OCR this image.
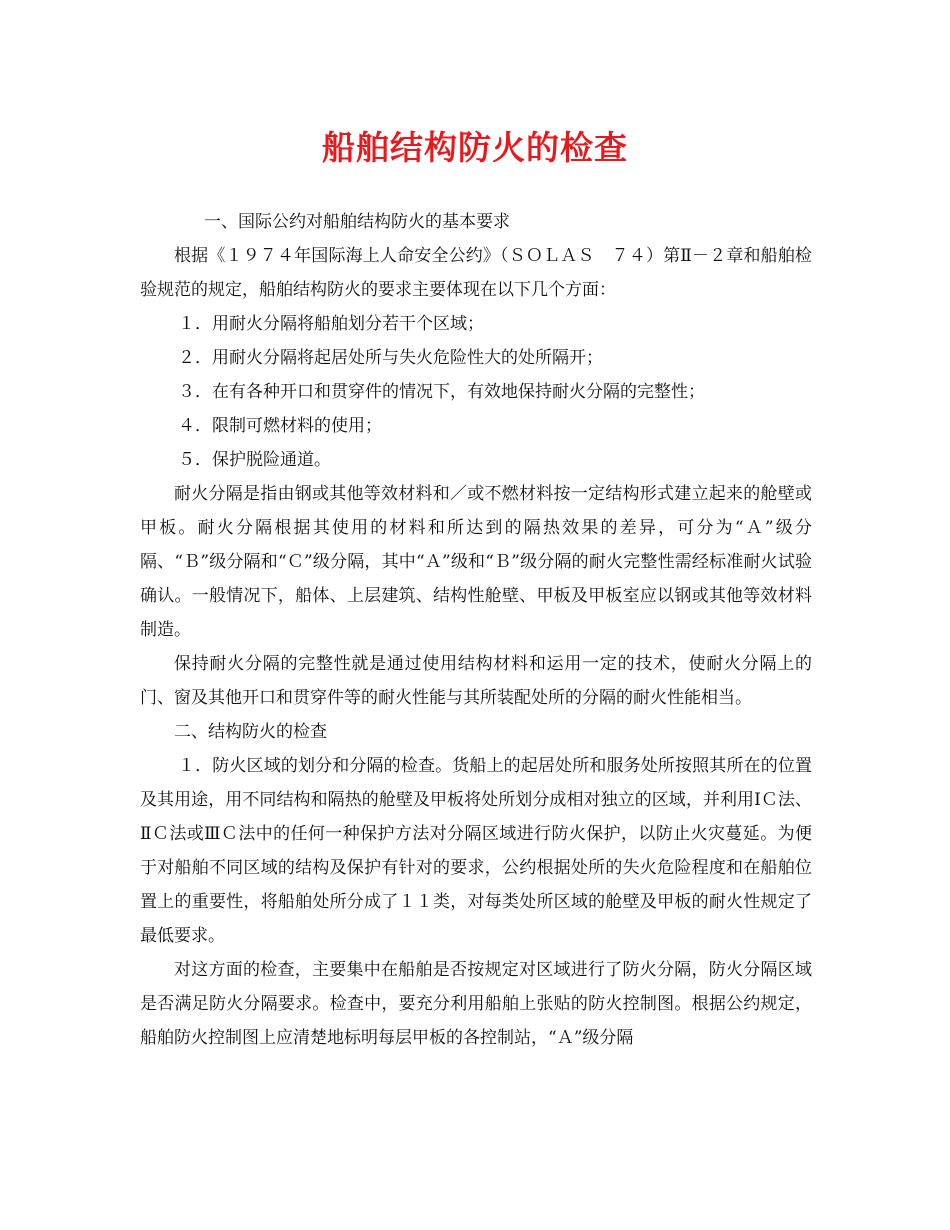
船舶结构防火的检查

一、国际公约对船舶结构防火的基本要求

根据《１９７４年国际海上人命安全公约》（ＳＯＬＡＳ　７４）第Ⅱ－２章和船舶检验规范的规定，船舶结构防火的要求主要体现在以下几个方面：

１．用耐火分隔将船舶划分若干个区域；

２．用耐火分隔将起居处所与失火危险性大的处所隔开；

３．在有各种开口和贯穿件的情况下，有效地保持耐火分隔的完整性；

４．限制可燃材料的使用；

５．保护脱险通道。

耐火分隔是指由钢或其他等效材料和／或不燃材料按一定结构形式建立起来的舱壁或甲板。耐火分隔根据其使用的材料和所达到的隔热效果的差异，可分为“Ａ”级分隔、“Ｂ”级分隔和“Ｃ”级分隔，其中“Ａ”级和“Ｂ”级分隔的耐火完整性需经标准耐火试验确认。一般情况下，船体、上层建筑、结构性舱壁、甲板及甲板室应以钢或其他等效材料制造。

保持耐火分隔的完整性就是通过使用结构材料和运用一定的技术，使耐火分隔上的门、窗及其他开口和贯穿件等的耐火性能与其所装配处所的分隔的耐火性能相当。

二、结构防火的检查

１．防火区域的划分和分隔的检查。货船上的起居处所和服务处所按照其所在的位置及其用途，用不同结构和隔热的舱壁及甲板将处所划分成相对独立的区域，并利用ⅠＣ法、ⅡＣ法或ⅢＣ法中的任何一种保护方法对分隔区域进行防火保护，以防止火灾蔓延。为便于对船舶不同区域的结构及保护有针对的要求，公约根据处所的失火危险程度和在船舶位置上的重要性，将船舶处所分成了１１类，对每类处所区域的舱壁及甲板的耐火性规定了最低要求。

对这方面的检查，主要集中在船舶是否按规定对区域进行了防火分隔，防火分隔区域是否满足防火分隔要求。检查中，要充分利用船舶上张贴的防火控制图。根据公约规定，船舶防火控制图上应清楚地标明每层甲板的各控制站，“Ａ”级分隔
